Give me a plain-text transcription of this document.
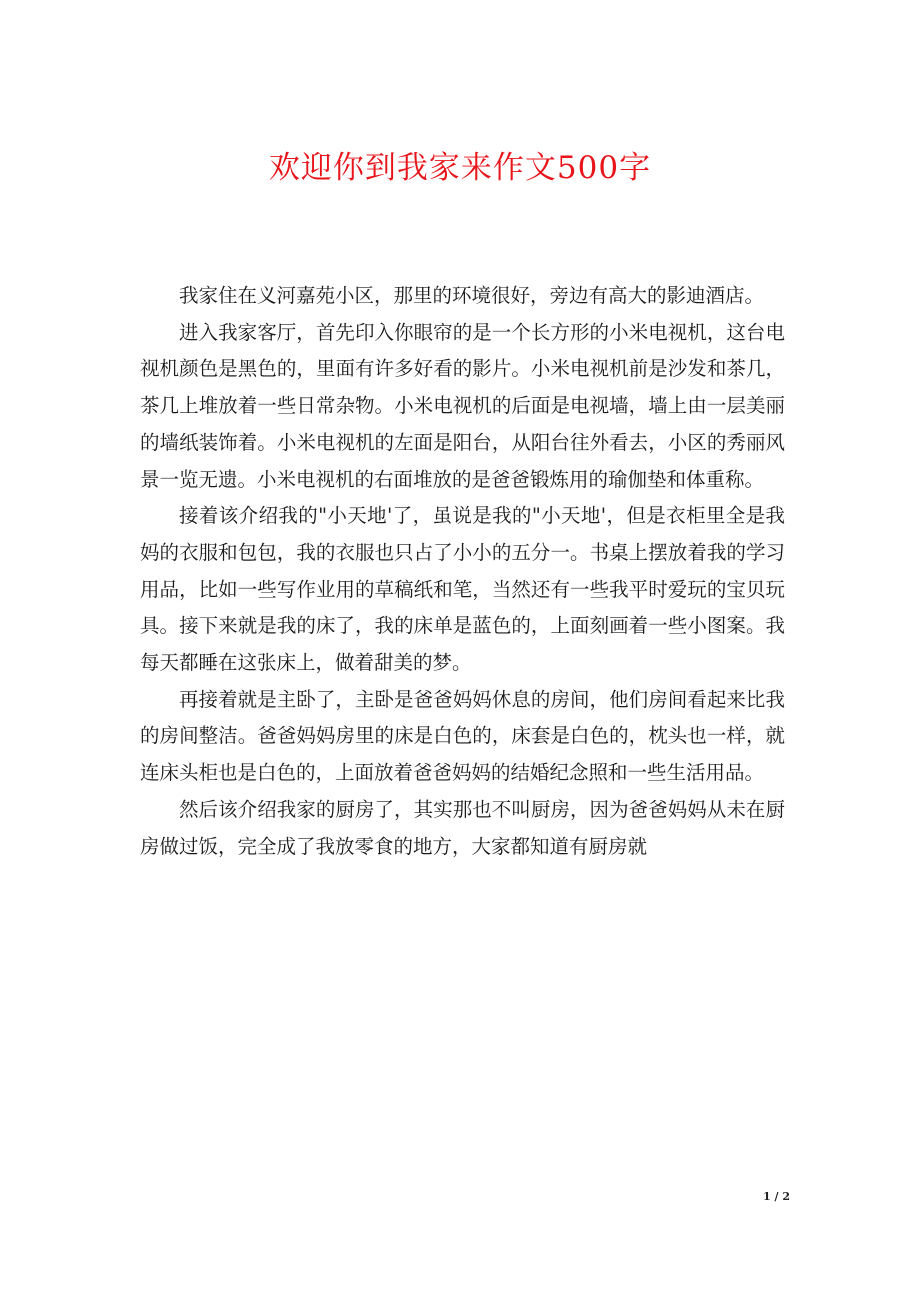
欢迎你到我家来作文500字

我家住在义河嘉苑小区，那里的环境很好，旁边有高大的影迪酒店。

进入我家客厅，首先印入你眼帘的是一个长方形的小米电视机，这台电视机颜色是黑色的，里面有许多好看的影片。小米电视机前是沙发和茶几，茶几上堆放着一些日常杂物。小米电视机的后面是电视墙，墙上由一层美丽的墙纸装饰着。小米电视机的左面是阳台，从阳台往外看去，小区的秀丽风景一览无遗。小米电视机的右面堆放的是爸爸锻炼用的瑜伽垫和体重称。

接着该介绍我的"小天地'了，虽说是我的"小天地'，但是衣柜里全是我妈的衣服和包包，我的衣服也只占了小小的五分一。书桌上摆放着我的学习用品，比如一些写作业用的草稿纸和笔，当然还有一些我平时爱玩的宝贝玩具。接下来就是我的床了，我的床单是蓝色的，上面刻画着一些小图案。我每天都睡在这张床上，做着甜美的梦。

再接着就是主卧了，主卧是爸爸妈妈休息的房间，他们房间看起来比我的房间整洁。爸爸妈妈房里的床是白色的，床套是白色的，枕头也一样，就连床头柜也是白色的，上面放着爸爸妈妈的结婚纪念照和一些生活用品。

然后该介绍我家的厨房了，其实那也不叫厨房，因为爸爸妈妈从未在厨房做过饭，完全成了我放零食的地方，大家都知道有厨房就

1 / 2
